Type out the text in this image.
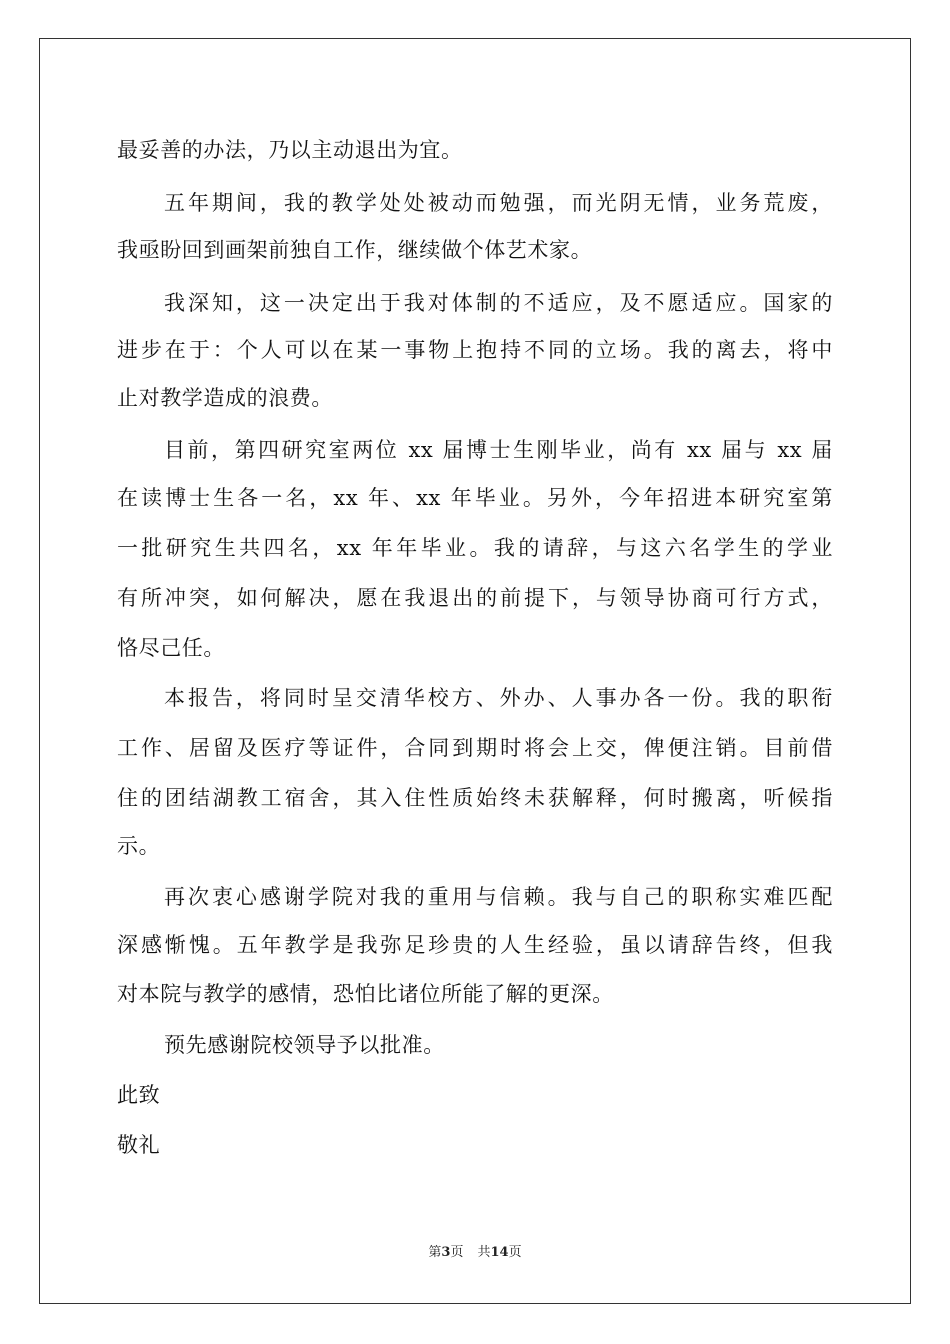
最妥善的办法，乃以主动退出为宜。
五年期间，我的教学处处被动而勉强，而光阴无情，业务荒废，
我亟盼回到画架前独自工作，继续做个体艺术家。
我深知，这一决定出于我对体制的不适应，及不愿适应。国家的
进步在于：个人可以在某一事物上抱持不同的立场。我的离去，将中
止对教学造成的浪费。
目前，第四研究室两位 xx 届博士生刚毕业，尚有 xx 届与 xx 届
在读博士生各一名，xx 年、xx 年毕业。另外，今年招进本研究室第
一批研究生共四名，xx 年年毕业。我的请辞，与这六名学生的学业
有所冲突，如何解决，愿在我退出的前提下，与领导协商可行方式，
恪尽己任。
本报告，将同时呈交清华校方、外办、人事办各一份。我的职衔
工作、居留及医疗等证件，合同到期时将会上交，俾便注销。目前借
住的团结湖教工宿舍，其入住性质始终未获解释，何时搬离，听候指
示。
再次衷心感谢学院对我的重用与信赖。我与自己的职称实难匹配
深感惭愧。五年教学是我弥足珍贵的人生经验，虽以请辞告终，但我
对本院与教学的感情，恐怕比诸位所能了解的更深。
预先感谢院校领导予以批准。
此致
敬礼
第3页 共14页
